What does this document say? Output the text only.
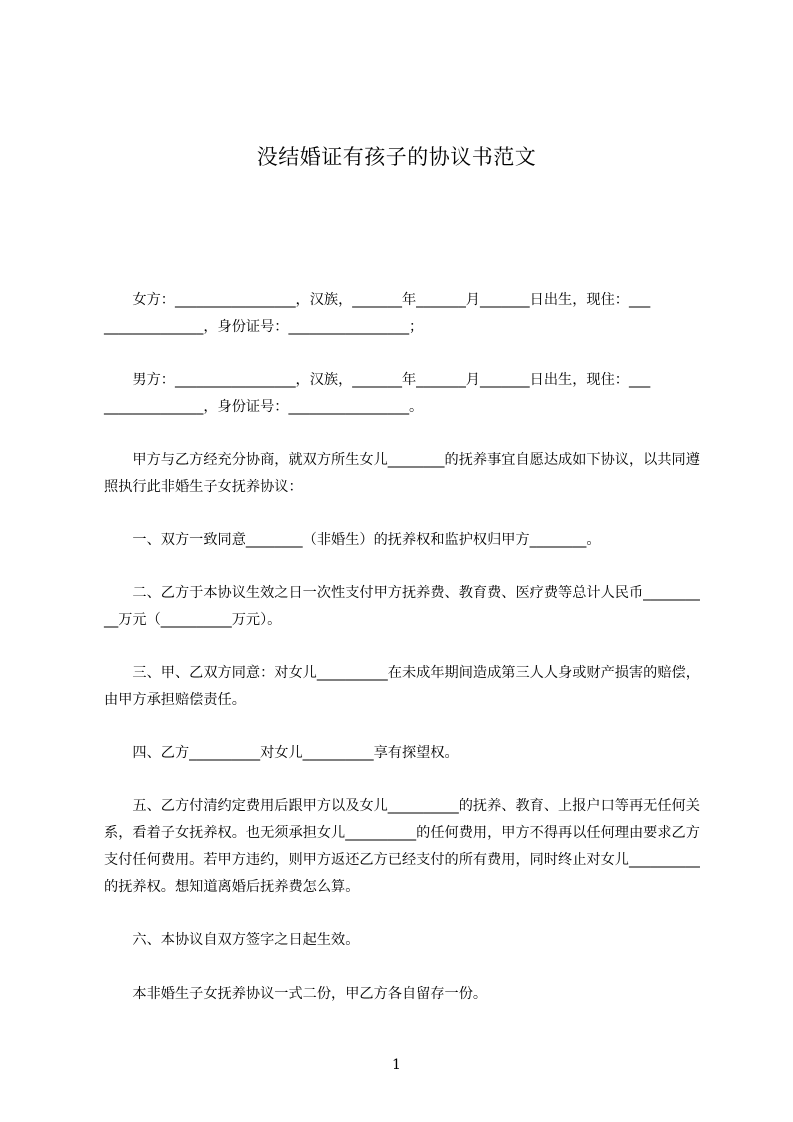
没结婚证有孩子的协议书范文

　　女方：_________________，汉族，_______年_______月_______日出生，现住：___
______________，身份证号：_________________；

　　男方：_________________，汉族，_______年_______月_______日出生，现住：___
______________，身份证号：_________________。

　　甲方与乙方经充分协商，就双方所生女儿________的抚养事宜自愿达成如下协议，以共同遵照执行此非婚生子女抚养协议：

　　一、双方一致同意________（非婚生）的抚养权和监护权归甲方________。

　　二、乙方于本协议生效之日一次性支付甲方抚养费、教育费、医疗费等总计人民币__________万元（__________万元）。

　　三、甲、乙双方同意：对女儿__________在未成年期间造成第三人人身或财产损害的赔偿，由甲方承担赔偿责任。

　　四、乙方__________对女儿__________享有探望权。

　　五、乙方付清约定费用后跟甲方以及女儿__________的抚养、教育、上报户口等再无任何关系，看着子女抚养权。也无须承担女儿__________的任何费用，甲方不得再以任何理由要求乙方支付任何费用。若甲方违约，则甲方返还乙方已经支付的所有费用，同时终止对女儿__________的抚养权。想知道离婚后抚养费怎么算。

　　六、本协议自双方签字之日起生效。

　　本非婚生子女抚养协议一式二份，甲乙方各自留存一份。

1
